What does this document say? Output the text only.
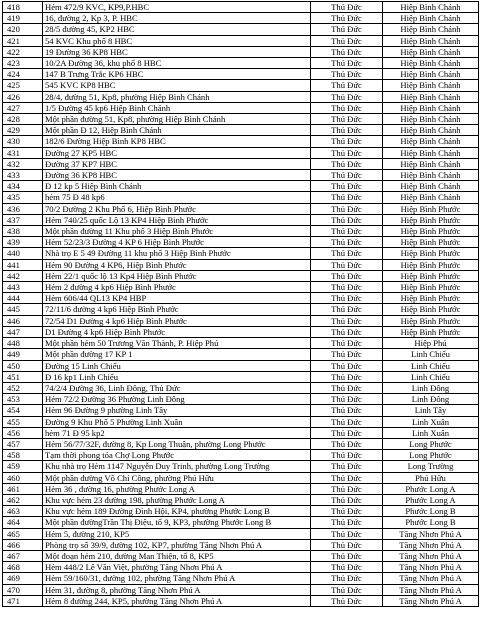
418	Hẻm 472/9 KVC, KP9,P.HBC	Thủ Đức	Hiệp Bình Chánh
419	16, đường 2, Kp 3, P. HBC	Thủ Đức	Hiệp Bình Chánh
420	28/5 đường 45, KP2 HBC	Thủ Đức	Hiệp Bình Chánh
421	54 KVC Khu phố 8 HBC	Thủ Đức	Hiệp Bình Chánh
422	19 Đường 36 KP8 HBC	Thủ Đức	Hiệp Bình Chánh
423	10/2A Đường 36, khu phố 8 HBC	Thủ Đức	Hiệp Bình Chánh
424	147 B Trưng Trắc KP6 HBC	Thủ Đức	Hiệp Bình Chánh
425	545 KVC KP8 HBC	Thủ Đức	Hiệp Bình Chánh
426	28/4, đường 51, Kp8, phường Hiệp Bình Chánh	Thủ Đức	Hiệp Bình Chánh
427	1/5 Đường 45 kp6 Hiệp Bình Chánh	Thủ Đức	Hiệp Bình Chánh
428	Một phần đường 51, Kp8, phường Hiệp Bình Chánh	Thủ Đức	Hiệp Bình Chánh
429	Một phần Đ 12, Hiệp Bình Chánh	Thủ Đức	Hiệp Bình Chánh
430	182/6 Đường Hiệp Bình KP8 HBC	Thủ Đức	Hiệp Bình Chánh
431	Đường 27 KP5 HBC	Thủ Đức	Hiệp Bình Chánh
432	Đường 37 KP7 HBC	Thủ Đức	Hiệp Bình Chánh
433	Đường 36 KP8 HBC	Thủ Đức	Hiệp Bình Chánh
434	Đ 12 kp 5 Hiệp Bình Chánh	Thủ Đức	Hiệp Bình Chánh
435	hẻm 75 Đ 48 kp6	Thủ Đức	Hiệp Bình Chánh
436	70/2 Đường 2 Khu Phố 6, Hiệp Bình Phước	Thủ Đức	Hiệp Bình Phước
437	Hẻm 740/25 quốc Lộ 13 KP4 Hiệp Bình Phước	Thủ Đức	Hiệp Bình Phước
438	Một phần đường 11 Khu phố 3 Hiệp Bình Phước	Thủ Đức	Hiệp Bình Phước
439	Hẻm 52/23/3 Đường 4 KP 6 Hiệp Bình Phước	Thủ Đức	Hiệp Bình Phước
440	Nhà trọ E 5 49 Đường 11 khu phố 3 Hiệp Bình Phước	Thủ Đức	Hiệp Bình Phước
441	Hẻm 90 Đường 4 KP6, Hiệp Bình Phước	Thủ Đức	Hiệp Bình Phước
442	Hẻm 22/1 quốc lộ 13 Kp4 Hiệp Bình Phước	Thủ Đức	Hiệp Bình Phước
443	Hẻm 2 đường 4 kp6 Hiệp Bình Phước	Thủ Đức	Hiệp Bình Phước
444	Hẻm 606/44 QL13 KP4 HBP	Thủ Đức	Hiệp Bình Phước
445	72/11/6 đường 4 kp6 Hiệp Bình Phước	Thủ Đức	Hiệp Bình Phước
446	72/54 D1 Đường 4 kp6 Hiệp Bình Phước	Thủ Đức	Hiệp Bình Phước
447	D1 Đường 4 kp6 Hiệp Bình Phước	Thủ Đức	Hiệp Bình Phước
448	Một phần hẻm 50 Trương Văn Thành, P. Hiệp Phú	Thủ Đức	Hiệp Phú
449	Một phần đường 17 KP 1	Thủ Đức	Linh Chiểu
450	Đường 15 Linh Chiểu	Thủ Đức	Linh Chiểu
451	Đ 16 kp1 Linh Chiểu	Thủ Đức	Linh Chiểu
452	74/2/4 Đường 36, Linh Đông, Thủ Đức	Thủ Đức	Linh Đông
453	Hẻm 72/2 Đường 36 Phường Linh Đông	Thủ Đức	Linh Đông
454	Hẻm 96 Đường 9 phường Linh Tây	Thủ Đức	Linh Tây
455	Đường 9 Khu Phố 5 Phường Linh Xuân	Thủ Đức	Linh Xuân
456	hẻm 71 Đ 95 kp2	Thủ Đức	Linh Xuân
457	Hẻm 56/77/32F, đường 8, Kp Long Thuận, phường Long Phước	Thủ Đức	Long Phước
458	Tạm thời phong tỏa Chợ Long Phước	Thủ Đức	Long Phước
459	Khu nhà trọ Hẻm 1147 Nguyễn Duy Trinh, phường Long Trường	Thủ Đức	Long Trường
460	Một phần đường Võ Chí Công, phường Phú Hữu	Thủ Đức	Phú Hữu
461	Hẻm 36 , đường 16, phường Phước Long A	Thủ Đức	Phước Long A
462	Khu vực hẻm 23 đường 198, phường Phước Long A	Thủ Đức	Phước Long A
463	Khu vực hẻm 189 Đường Đình Hội, KP4, phường Phước Long B	Thủ Đức	Phước Long B
464	Một phần đườngTrần Thị Điệu, tổ 9, KP3, phường Phước Long B	Thủ Đức	Phước Long B
465	Hẻm 5, đường 210, KP5	Thủ Đức	Tăng Nhơn Phú A
466	Phòng trọ số 39/9, đường 102, KP7, phường Tăng Nhơn Phú A	Thủ Đức	Tăng Nhơn Phú A
467	Một đoạn hẻm 210, đường Man Thiện, tổ 8, KP5	Thủ Đức	Tăng Nhơn Phú A
468	Hẻm 448/2 Lê Văn Việt, phường Tăng Nhơn Phú A	Thủ Đức	Tăng Nhơn Phú A
469	Hẻm 59/160/31, đường 102, phường Tăng Nhơn Phú A	Thủ Đức	Tăng Nhơn Phú A
470	Hẻm 31, đường 8, phường Tăng Nhơn Phú A	Thủ Đức	Tăng Nhơn Phú A
471	Hẻm 8 đường 244, KP5, phường Tăng Nhơn Phú A	Thủ Đức	Tăng Nhơn Phú A
